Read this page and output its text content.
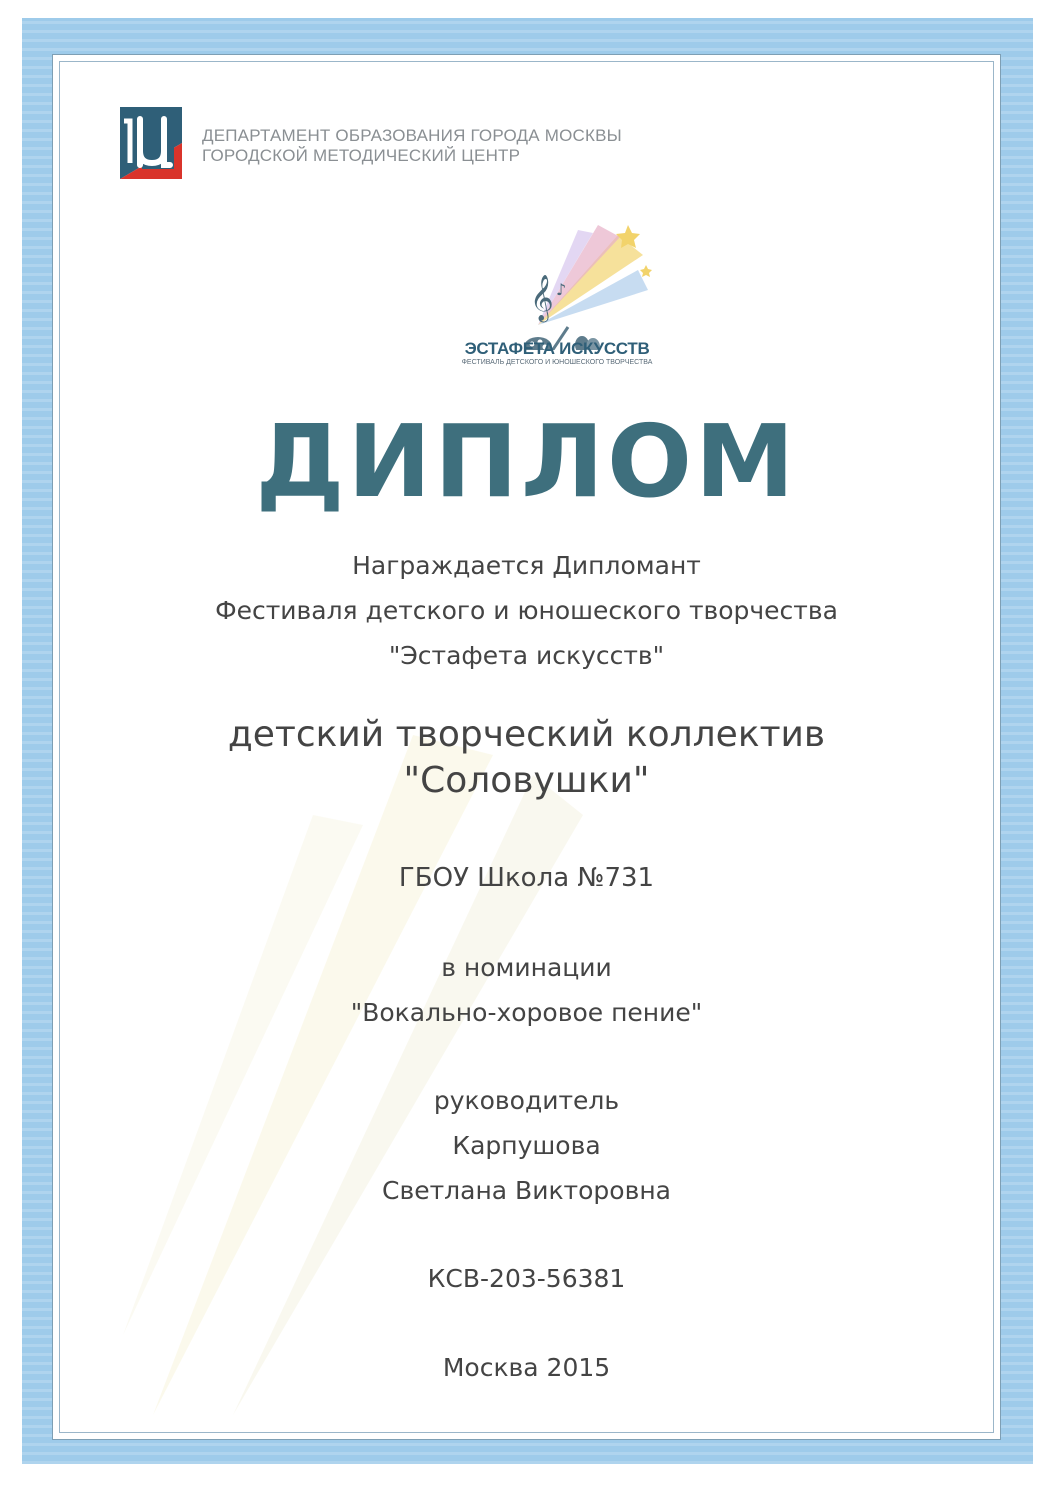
ДЕПАРТАМЕНТ ОБРАЗОВАНИЯ ГОРОДА МОСКВЫ
ГОРОДСКОЙ МЕТОДИЧЕСКИЙ ЦЕНТР
𝄞 ♪
ЭСТАФЕТА ИСКУССТВ
ФЕСТИВАЛЬ ДЕТСКОГО И ЮНОШЕСКОГО ТВОРЧЕСТВА
ДИПЛОМ
Награждается Дипломант
Фестиваля детского и юношеского творчества
"Эстафета искусств"
детский творческий коллектив
"Соловушки"
ГБОУ Школа №731
в номинации
"Вокально-хоровое пение"
руководитель
Карпушова
Светлана Викторовна
КСВ-203-56381
Москва 2015
